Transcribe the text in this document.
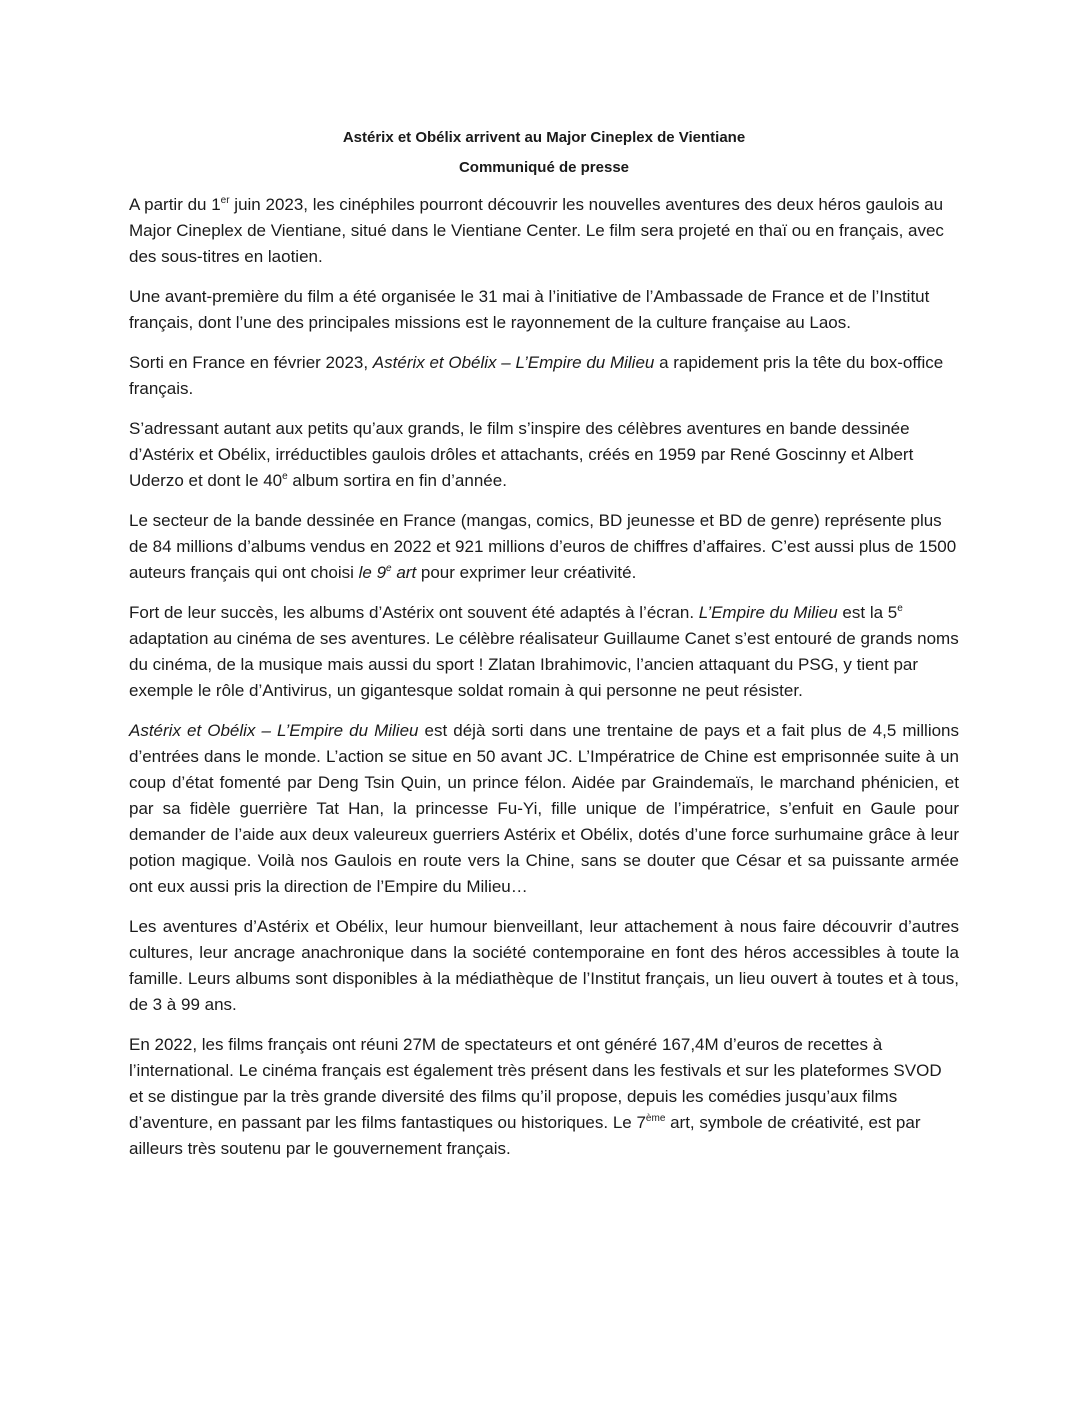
Astérix et Obélix arrivent au Major Cineplex de Vientiane

Communiqué de presse

A partir du 1er juin 2023, les cinéphiles pourront découvrir les nouvelles aventures des deux héros gaulois au Major Cineplex de Vientiane, situé dans le Vientiane Center. Le film sera projeté en thaï ou en français, avec des sous-titres en laotien.

Une avant-première du film a été organisée le 31 mai à l’initiative de l’Ambassade de France et de l’Institut français, dont l’une des principales missions est le rayonnement de la culture française au Laos.

Sorti en France en février 2023, Astérix et Obélix – L’Empire du Milieu a rapidement pris la tête du box-office français.

S’adressant autant aux petits qu’aux grands, le film s’inspire des célèbres aventures en bande dessinée d’Astérix et Obélix, irréductibles gaulois drôles et attachants, créés en 1959 par René Goscinny et Albert Uderzo et dont le 40e album sortira en fin d’année.

Le secteur de la bande dessinée en France (mangas, comics, BD jeunesse et BD de genre) représente plus de 84 millions d’albums vendus en 2022 et 921 millions d’euros de chiffres d’affaires. C’est aussi plus de 1500 auteurs français qui ont choisi le 9e art pour exprimer leur créativité.

Fort de leur succès, les albums d’Astérix ont souvent été adaptés à l’écran. L’Empire du Milieu est la 5e adaptation au cinéma de ses aventures. Le célèbre réalisateur Guillaume Canet s’est entouré de grands noms du cinéma, de la musique mais aussi du sport ! Zlatan Ibrahimovic, l’ancien attaquant du PSG, y tient par exemple le rôle d’Antivirus, un gigantesque soldat romain à qui personne ne peut résister.

Astérix et Obélix – L’Empire du Milieu est déjà sorti dans une trentaine de pays et a fait plus de 4,5 millions d’entrées dans le monde. L’action se situe en 50 avant JC. L’Impératrice de Chine est emprisonnée suite à un coup d’état fomenté par Deng Tsin Quin, un prince félon. Aidée par Graindemaïs, le marchand phénicien, et par sa fidèle guerrière Tat Han, la princesse Fu-Yi, fille unique de l’impératrice, s’enfuit en Gaule pour demander de l’aide aux deux valeureux guerriers Astérix et Obélix, dotés d’une force surhumaine grâce à leur potion magique. Voilà nos Gaulois en route vers la Chine, sans se douter que César et sa puissante armée ont eux aussi pris la direction de l’Empire du Milieu…

Les aventures d’Astérix et Obélix, leur humour bienveillant, leur attachement à nous faire découvrir d’autres cultures, leur ancrage anachronique dans la société contemporaine en font des héros accessibles à toute la famille. Leurs albums sont disponibles à la médiathèque de l’Institut français, un lieu ouvert à toutes et à tous, de 3 à 99 ans.

En 2022, les films français ont réuni 27M de spectateurs et ont généré 167,4M d’euros de recettes à l’international. Le cinéma français est également très présent dans les festivals et sur les plateformes SVOD et se distingue par la très grande diversité des films qu’il propose, depuis les comédies jusqu’aux films d’aventure, en passant par les films fantastiques ou historiques. Le 7ème art, symbole de créativité, est par ailleurs très soutenu par le gouvernement français.
